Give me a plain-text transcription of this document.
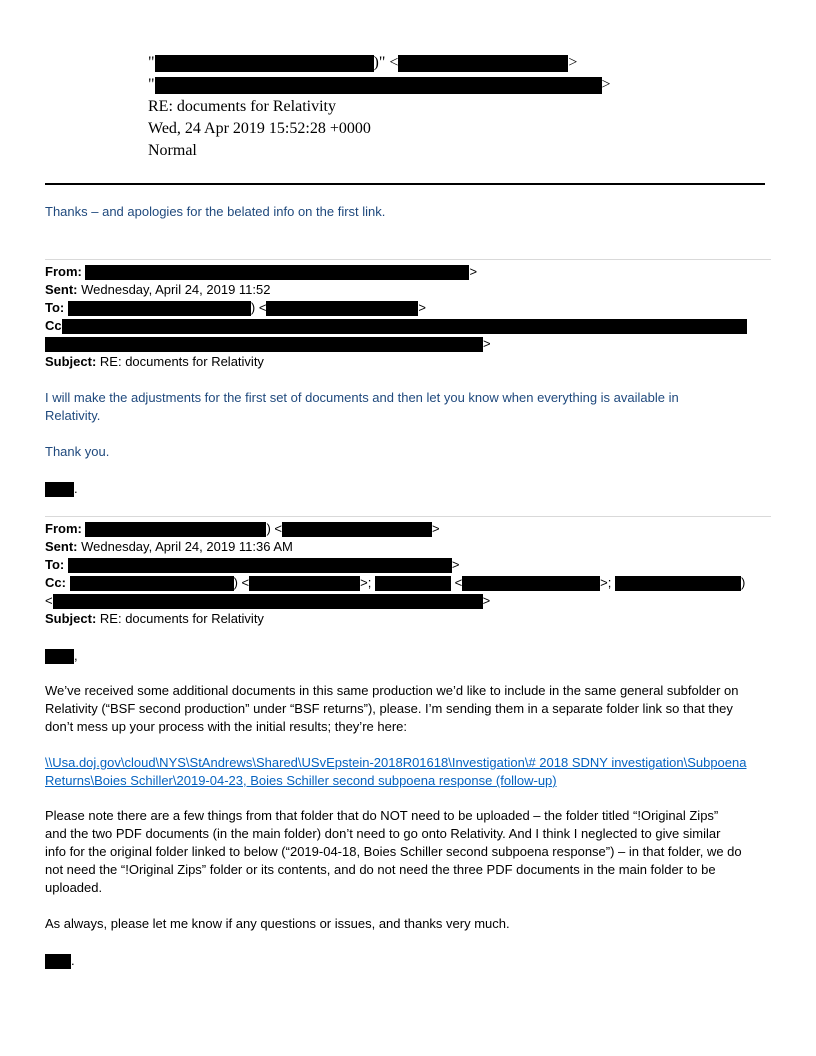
"	)" <	>
"	>
RE: documents for Relativity
Wed, 24 Apr 2019 15:52:28 +0000
Normal
Thanks – and apologies for the belated info on the first link.
From:	>
Sent: Wednesday, April 24, 2019 11:52
To:	) <	>
Cc
>
Subject: RE: documents for Relativity
I will make the adjustments for the first set of documents and then let you know when everything is available in
Relativity.
Thank you.
.
From:	) <	>
Sent: Wednesday, April 24, 2019 11:36 AM
To:	>
Cc:	) <	>;	<	>;	)
<	>
Subject: RE: documents for Relativity
,
We’ve received some additional documents in this same production we’d like to include in the same general subfolder on
Relativity (“BSF second production” under “BSF returns”), please. I’m sending them in a separate folder link so that they
don’t mess up your process with the initial results; they’re here:
\\Usa.doj.gov\cloud\NYS\StAndrews\Shared\USvEpstein-2018R01618\Investigation\# 2018 SDNY investigation\Subpoena
Returns\Boies Schiller\2019-04-23, Boies Schiller second subpoena response (follow-up)
Please note there are a few things from that folder that do NOT need to be uploaded – the folder titled “!Original Zips”
and the two PDF documents (in the main folder) don’t need to go onto Relativity. And I think I neglected to give similar
info for the original folder linked to below (“2019-04-18, Boies Schiller second subpoena response”) – in that folder, we do
not need the “!Original Zips” folder or its contents, and do not need the three PDF documents in the main folder to be
uploaded.
As always, please let me know if any questions or issues, and thanks very much.
.
